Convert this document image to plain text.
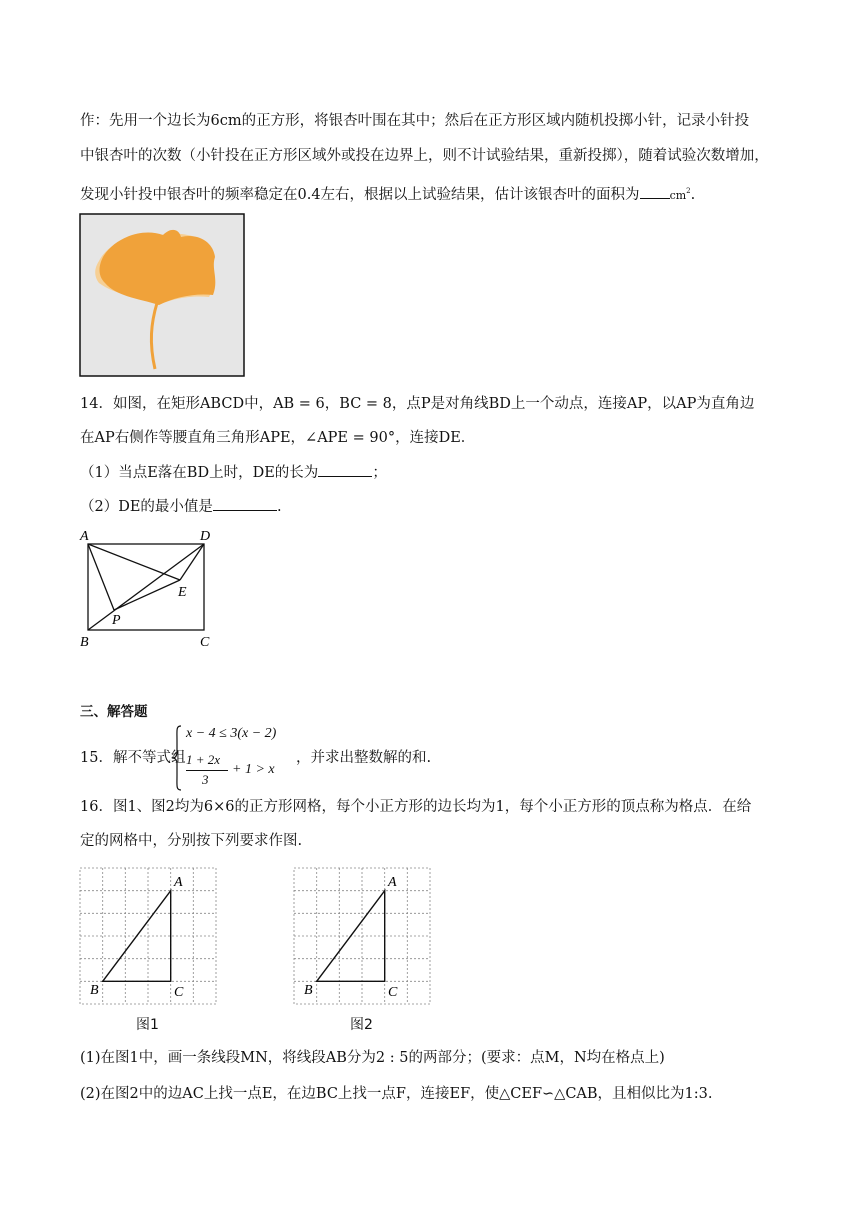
作：先用一个边长为6cm的正方形，将银杏叶围在其中；然后在正方形区域内随机投掷小针，记录小针投
中银杏叶的次数（小针投在正方形区域外或投在边界上，则不计试验结果，重新投掷），随着试验次数增加，
发现小针投中银杏叶的频率稳定在0.4左右，根据以上试验结果，估计该银杏叶的面积为	$cm^2$.
14．如图，在矩形ABCD中，AB = 6，BC = 8，点P是对角线BD上一个动点，连接AP，以AP为直角边
在AP右侧作等腰直角三角形APE，∠APE = 90°，连接DE．
（1）当点E落在BD上时，DE的长为	；
（2）DE的最小值是	.
A	D
E
P
B	C
三、解答题
15．解不等式组
x − 4 ≤ 3(x − 2)
1 + 2x
3
+ 1 > x
，并求出整数解的和.
16．图1、图2均为6×6的正方形网格，每个小正方形的边长均为1，每个小正方形的顶点称为格点．在给
定的网格中，分别按下列要求作图.
A
B	C
图1
A
B	C
图2
(1)在图1中，画一条线段MN，将线段AB分为2 : 5的两部分；(要求：点M，N均在格点上)
(2)在图2中的边AC上找一点E，在边BC上找一点F，连接EF，使△CEF∽△CAB，且相似比为1:3.
